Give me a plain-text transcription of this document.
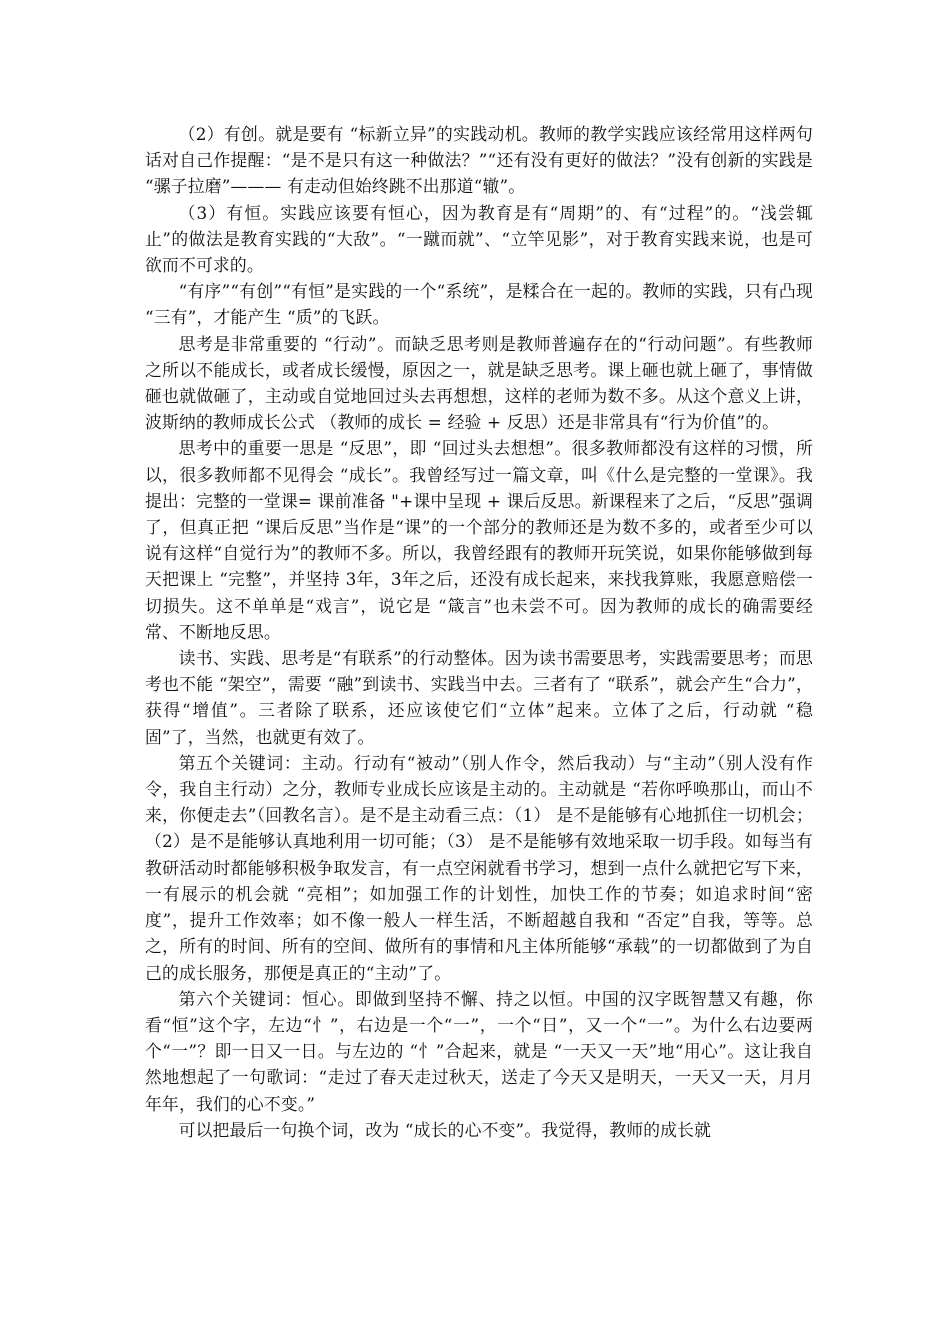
（2）有创。就是要有 “标新立异”的实践动机。教师的教学实践应该经常用这样两句话对自己作提醒：“是不是只有这一种做法？”“还有没有更好的做法？”没有创新的实践是 “骡子拉磨”——— 有走动但始终跳不出那道“辙”。

（3）有恒。实践应该要有恒心，因为教育是有“周期”的、有“过程”的。“浅尝辄止”的做法是教育实践的“大敌”。“一蹴而就”、“立竿见影”，对于教育实践来说，也是可欲而不可求的。

“有序”“有创”“有恒”是实践的一个“系统”，是糅合在一起的。教师的实践，只有凸现 “三有”，才能产生 “质”的飞跃。

思考是非常重要的 “行动”。而缺乏思考则是教师普遍存在的“行动问题”。有些教师之所以不能成长，或者成长缓慢，原因之一，就是缺乏思考。课上砸也就上砸了，事情做砸也就做砸了，主动或自觉地回过头去再想想，这样的老师为数不多。从这个意义上讲，波斯纳的教师成长公式 （教师的成长 = 经验 + 反思）还是非常具有“行为价值”的。

思考中的重要一思是 “反思”，即 “回过头去想想”。很多教师都没有这样的习惯，所以，很多教师都不见得会 “成长”。我曾经写过一篇文章，叫《什么是完整的一堂课》。我提出：完整的一堂课= 课前准备 "+课中呈现 + 课后反思。新课程来了之后，“反思”强调了，但真正把 “课后反思”当作是“课”的一个部分的教师还是为数不多的，或者至少可以说有这样“自觉行为”的教师不多。所以，我曾经跟有的教师开玩笑说，如果你能够做到每天把课上 “完整”，并坚持 3年，3年之后，还没有成长起来，来找我算账，我愿意赔偿一切损失。这不单单是“戏言”，说它是 “箴言”也未尝不可。因为教师的成长的确需要经常、不断地反思。

读书、实践、思考是“有联系”的行动整体。因为读书需要思考，实践需要思考；而思考也不能 “架空”，需要 “融”到读书、实践当中去。三者有了 “联系”，就会产生“合力”，获得“增值”。三者除了联系，还应该使它们“立体”起来。立体了之后，行动就 “稳固”了，当然，也就更有效了。

第五个关键词：主动。行动有“被动”（别人作令，然后我动）与“主动”（别人没有作令，我自主行动）之分，教师专业成长应该是主动的。主动就是 “若你呼唤那山，而山不来，你便走去”（回教名言）。是不是主动看三点：（1） 是不是能够有心地抓住一切机会；（2）是不是能够认真地利用一切可能；（3） 是不是能够有效地采取一切手段。如每当有教研活动时都能够积极争取发言，有一点空闲就看书学习，想到一点什么就把它写下来，一有展示的机会就 “亮相”；如加强工作的计划性，加快工作的节奏；如追求时间“密度”，提升工作效率；如不像一般人一样生活，不断超越自我和 “否定”自我，等等。总之，所有的时间、所有的空间、做所有的事情和凡主体所能够“承载”的一切都做到了为自己的成长服务，那便是真正的“主动”了。

第六个关键词：恒心。即做到坚持不懈、持之以恒。中国的汉字既智慧又有趣，你看“恒”这个字，左边“忄”，右边是一个“一”，一个“日”，又一个“一”。为什么右边要两个“一”？即一日又一日。与左边的 “忄”合起来，就是 “一天又一天”地“用心”。这让我自然地想起了一句歌词：“走过了春天走过秋天，送走了今天又是明天，一天又一天，月月年年，我们的心不变。”

可以把最后一句换个词，改为 “成长的心不变”。我觉得，教师的成长就
